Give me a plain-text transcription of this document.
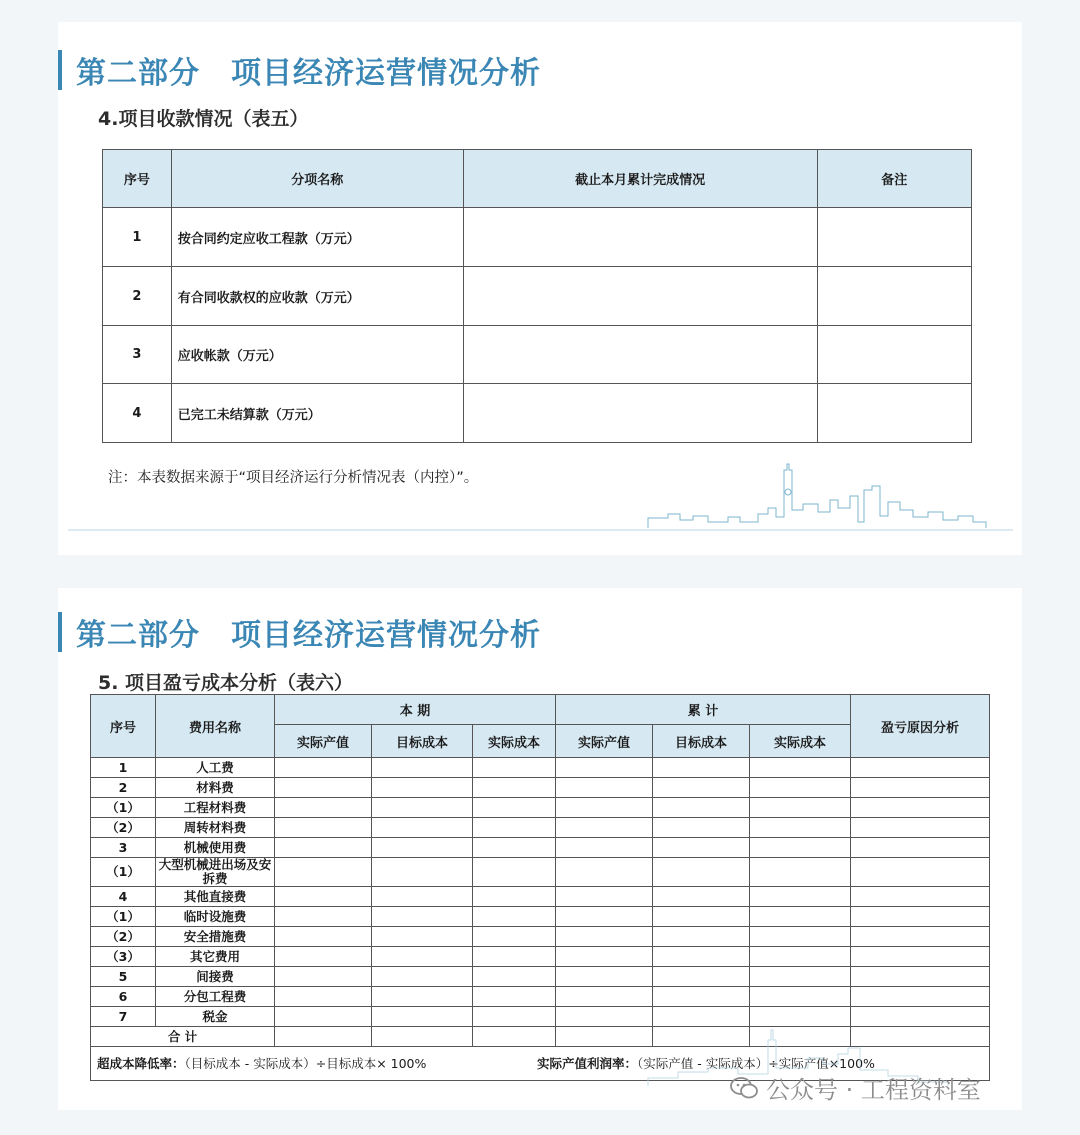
第二部分　项目经济运营情况分析
4.项目收款情况（表五）
序号	分项名称	截止本月累计完成情况	备注
1	按合同约定应收工程款（万元）		
2	有合同收款权的应收款（万元）		
3	应收帐款（万元）		
4	已完工未结算款（万元）		
注：本表数据来源于“项目经济运行分析情况表（内控）”。
第二部分　项目经济运营情况分析
5. 项目盈亏成本分析（表六）
序号	费用名称	本 期			累 计			盈亏原因分析
		实际产值	目标成本	实际成本	实际产值	目标成本	实际成本	
1	人工费							
2	材料费							
（1）	工程材料费							
（2）	周转材料费							
3	机械使用费							
（1）	大型机械进出场及安拆费							
4	其他直接费							
（1）	临时设施费							
（2）	安全措施费							
（3）	其它费用							
5	间接费							
6	分包工程费							
7	税金							
合 计								
超成本降低率：（目标成本 - 实际成本）÷目标成本× 100% 实际产值利润率：（实际产值 - 实际成本）÷实际产值×100%								
公众号 · 工程资料室
